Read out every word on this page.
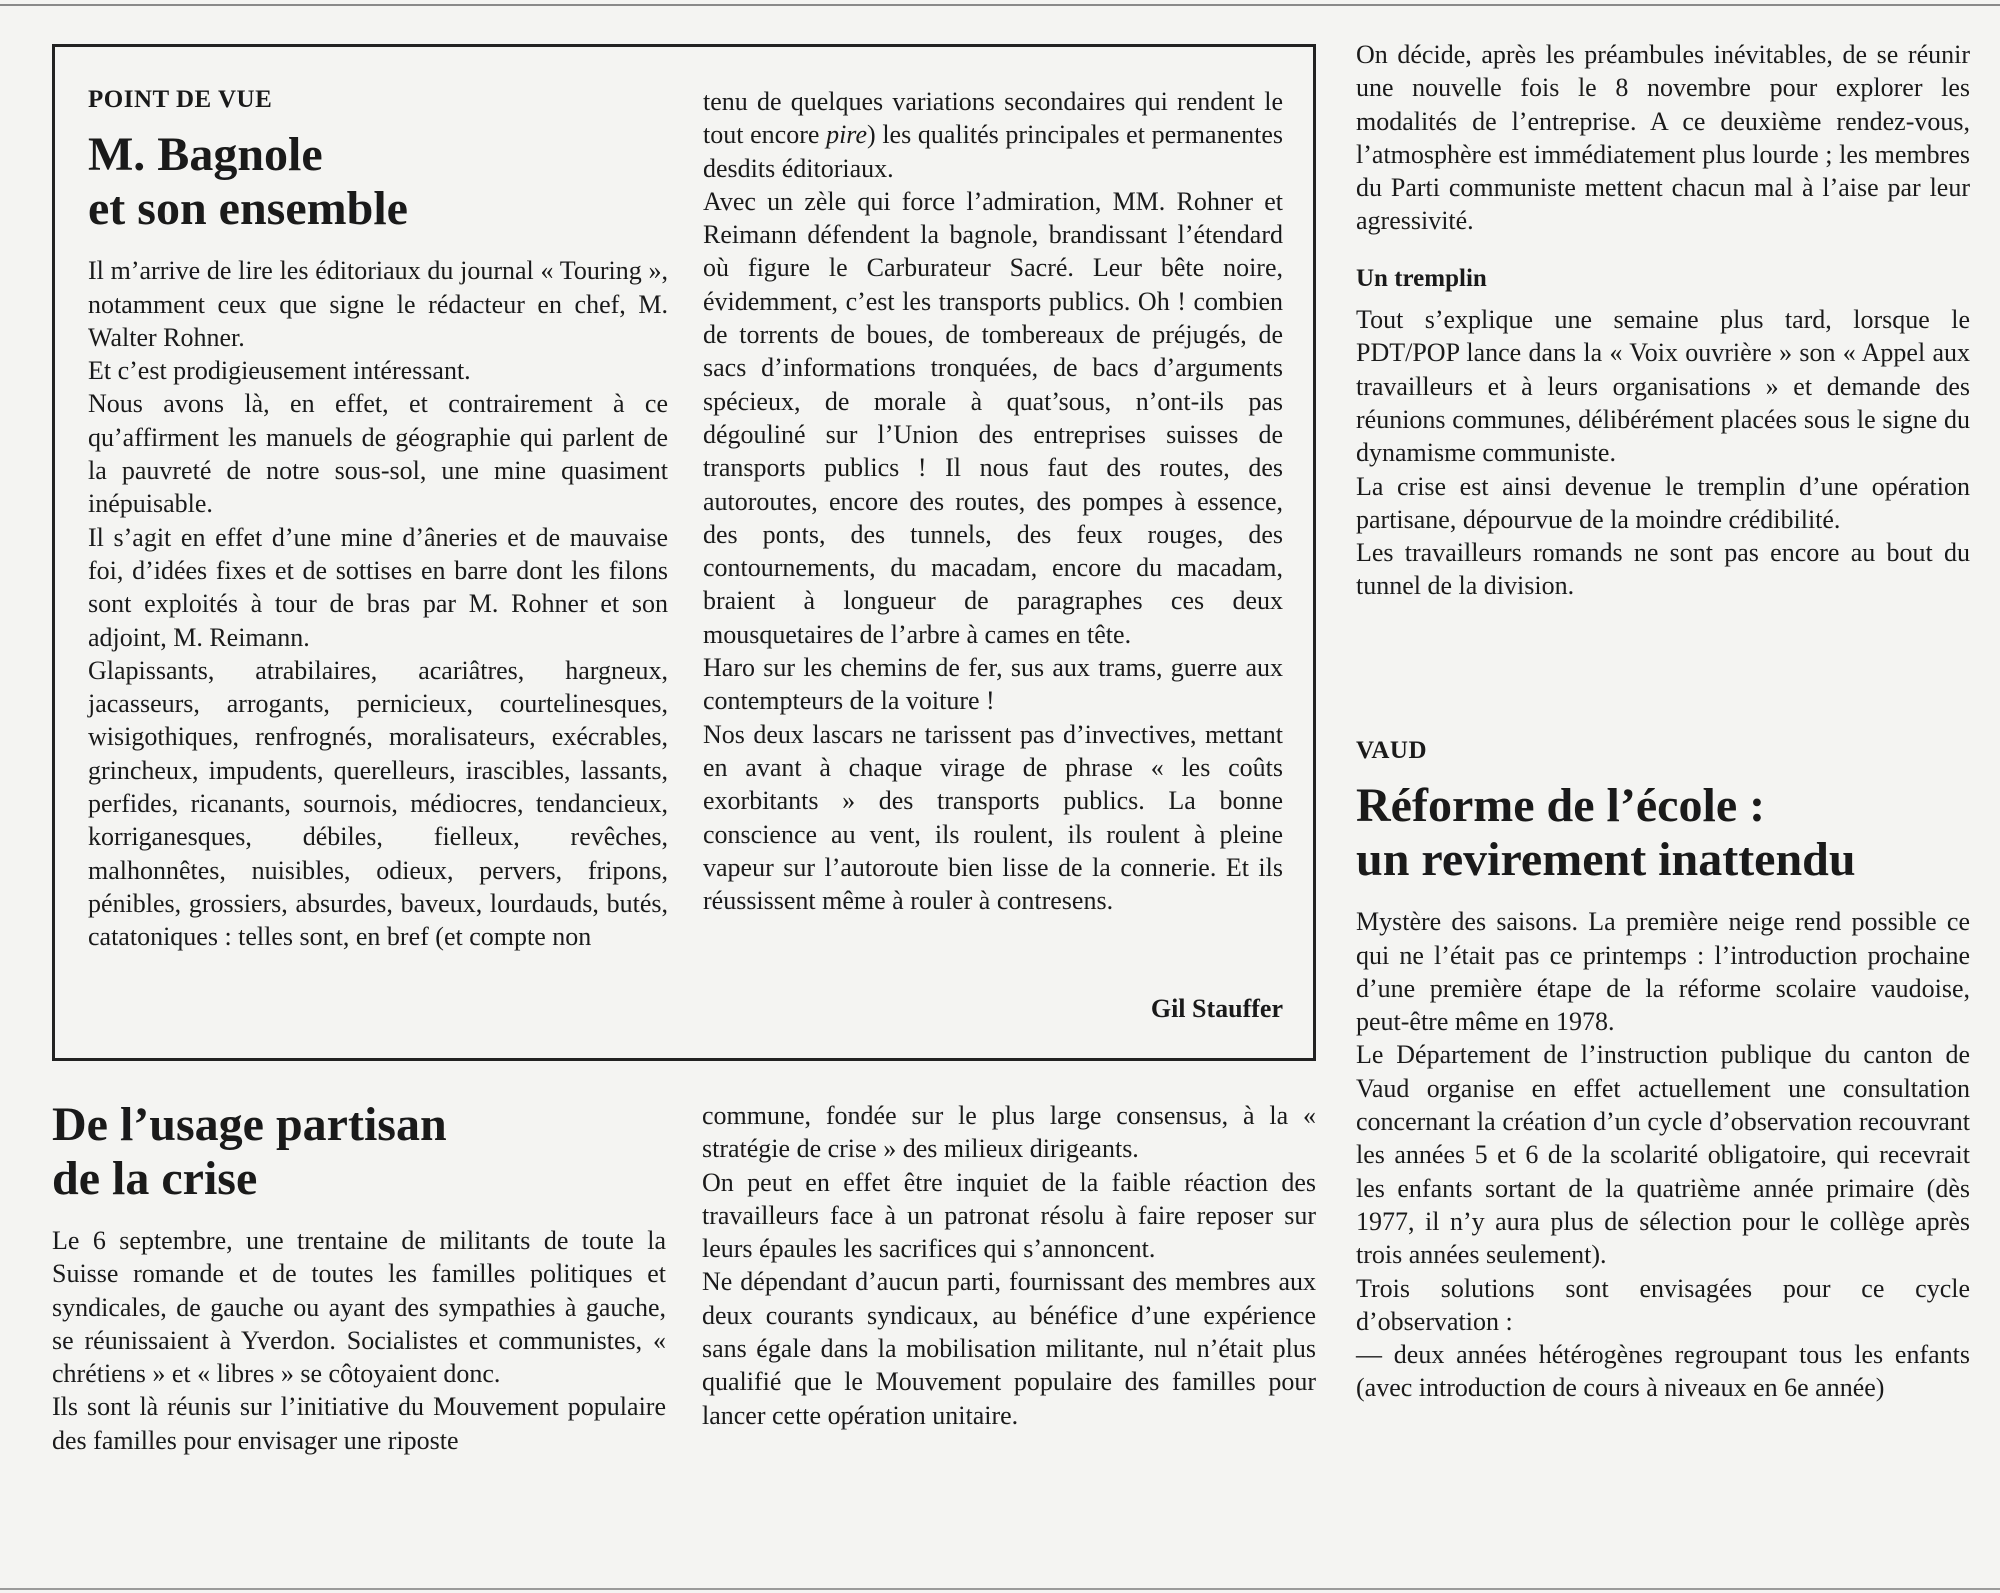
POINT DE VUE
M. Bagnole
et son ensemble

Il m’arrive de lire les éditoriaux du journal « Touring », notamment ceux que signe le rédacteur en chef, M. Walter Rohner.

Et c’est prodigieusement intéressant.

Nous avons là, en effet, et contrairement à ce qu’affirment les manuels de géographie qui parlent de la pauvreté de notre sous-sol, une mine quasiment inépuisable.

Il s’agit en effet d’une mine d’âneries et de mauvaise foi, d’idées fixes et de sottises en barre dont les filons sont exploités à tour de bras par M. Rohner et son adjoint, M. Reimann.

Glapissants, atrabilaires, acariâtres, hargneux, jacasseurs, arrogants, pernicieux, courtelinesques, wisigothiques, renfrognés, moralisateurs, exécrables, grincheux, impudents, querelleurs, irascibles, lassants, perfides, ricanants, sournois, médiocres, tendancieux, korriganesques, débiles, fielleux, revêches, malhonnêtes, nuisibles, odieux, pervers, fripons, pénibles, grossiers, absurdes, baveux, lourdauds, butés, catatoniques : telles sont, en bref (et compte non

tenu de quelques variations secondaires qui rendent le tout encore pire) les qualités principales et permanentes desdits éditoriaux.

Avec un zèle qui force l’admiration, MM. Rohner et Reimann défendent la bagnole, brandissant l’étendard où figure le Carburateur Sacré. Leur bête noire, évidemment, c’est les transports publics. Oh ! combien de torrents de boues, de tombereaux de préjugés, de sacs d’informations tronquées, de bacs d’arguments spécieux, de morale à quat’sous, n’ont-ils pas dégouliné sur l’Union des entreprises suisses de transports publics ! Il nous faut des routes, des autoroutes, encore des routes, des pompes à essence, des ponts, des tunnels, des feux rouges, des contournements, du macadam, encore du macadam, braient à longueur de paragraphes ces deux mousquetaires de l’arbre à cames en tête.

Haro sur les chemins de fer, sus aux trams, guerre aux contempteurs de la voiture !

Nos deux lascars ne tarissent pas d’invectives, mettant en avant à chaque virage de phrase « les coûts exorbitants » des transports publics. La bonne conscience au vent, ils roulent, ils roulent à pleine vapeur sur l’autoroute bien lisse de la connerie. Et ils réussissent même à rouler à contresens.

Gil Stauffer
De l’usage partisan
de la crise

Le 6 septembre, une trentaine de militants de toute la Suisse romande et de toutes les familles politiques et syndicales, de gauche ou ayant des sympathies à gauche, se réunissaient à Yverdon. Socialistes et communistes, « chrétiens » et « libres » se côtoyaient donc.

Ils sont là réunis sur l’initiative du Mouvement populaire des familles pour envisager une riposte

commune, fondée sur le plus large consensus, à la « stratégie de crise » des milieux dirigeants.

On peut en effet être inquiet de la faible réaction des travailleurs face à un patronat résolu à faire reposer sur leurs épaules les sacrifices qui s’annoncent.

Ne dépendant d’aucun parti, fournissant des membres aux deux courants syndicaux, au bénéfice d’une expérience sans égale dans la mobilisation militante, nul n’était plus qualifié que le Mouvement populaire des familles pour lancer cette opération unitaire.

On décide, après les préambules inévitables, de se réunir une nouvelle fois le 8 novembre pour explorer les modalités de l’entreprise. A ce deuxième rendez-vous, l’atmosphère est immédiatement plus lourde ; les membres du Parti communiste mettent chacun mal à l’aise par leur agressivité.

Un tremplin

Tout s’explique une semaine plus tard, lorsque le PDT/POP lance dans la « Voix ouvrière » son « Appel aux travailleurs et à leurs organisations » et demande des réunions communes, délibérément placées sous le signe du dynamisme communiste.

La crise est ainsi devenue le tremplin d’une opération partisane, dépourvue de la moindre crédibilité.

Les travailleurs romands ne sont pas encore au bout du tunnel de la division.

VAUD
Réforme de l’école :
un revirement inattendu

Mystère des saisons. La première neige rend possible ce qui ne l’était pas ce printemps : l’introduction prochaine d’une première étape de la réforme scolaire vaudoise, peut-être même en 1978.

Le Département de l’instruction publique du canton de Vaud organise en effet actuellement une consultation concernant la création d’un cycle d’observation recouvrant les années 5 et 6 de la scolarité obligatoire, qui recevrait les enfants sortant de la quatrième année primaire (dès 1977, il n’y aura plus de sélection pour le collège après trois années seulement).

Trois solutions sont envisagées pour ce cycle d’observation :

— deux années hétérogènes regroupant tous les enfants (avec introduction de cours à niveaux en 6e année)
